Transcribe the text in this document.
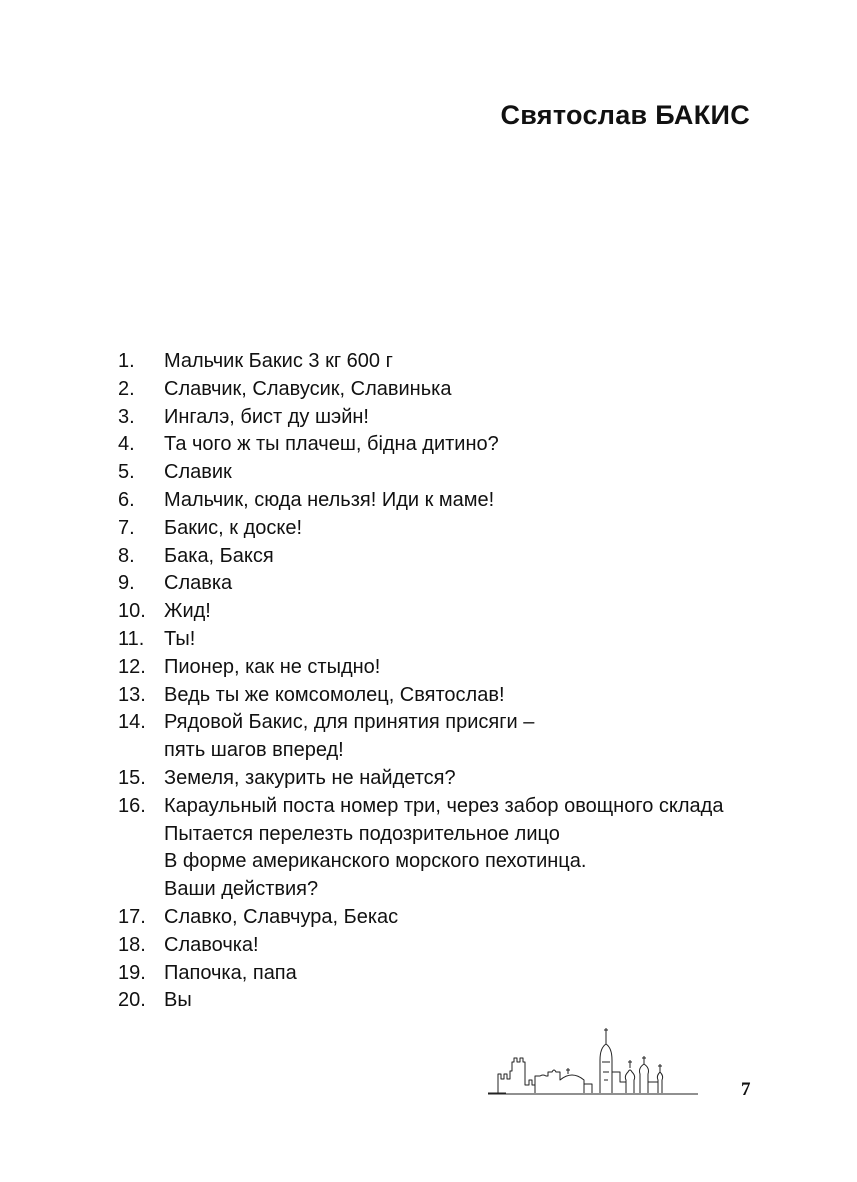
Святослав БАКИС
1.	Мальчик Бакис 3 кг 600 г
2.	Славчик, Славусик, Славинька
3.	Ингалэ, бист ду шэйн!
4.	Та чого ж ты плачеш, бідна дитино?
5.	Славик
6.	Мальчик, сюда нельзя! Иди к маме!
7.	Бакис, к доске!
8.	Бака, Бакся
9.	Славка
10. Жид!
11. Ты!
12. Пионер, как не стыдно!
13. Ведь ты же комсомолец, Святослав!
14. Рядовой Бакис, для принятия присяги –
пять шагов вперед!
15. Земеля, закурить не найдется?
16. Караульный поста номер три, через забор овощного склада
Пытается перелезть подозрительное лицо
В форме американского морского пехотинца.
Ваши действия?
17. Славко, Славчура, Бекас
18. Славочка!
19. Папочка, папа
20. Вы
7
